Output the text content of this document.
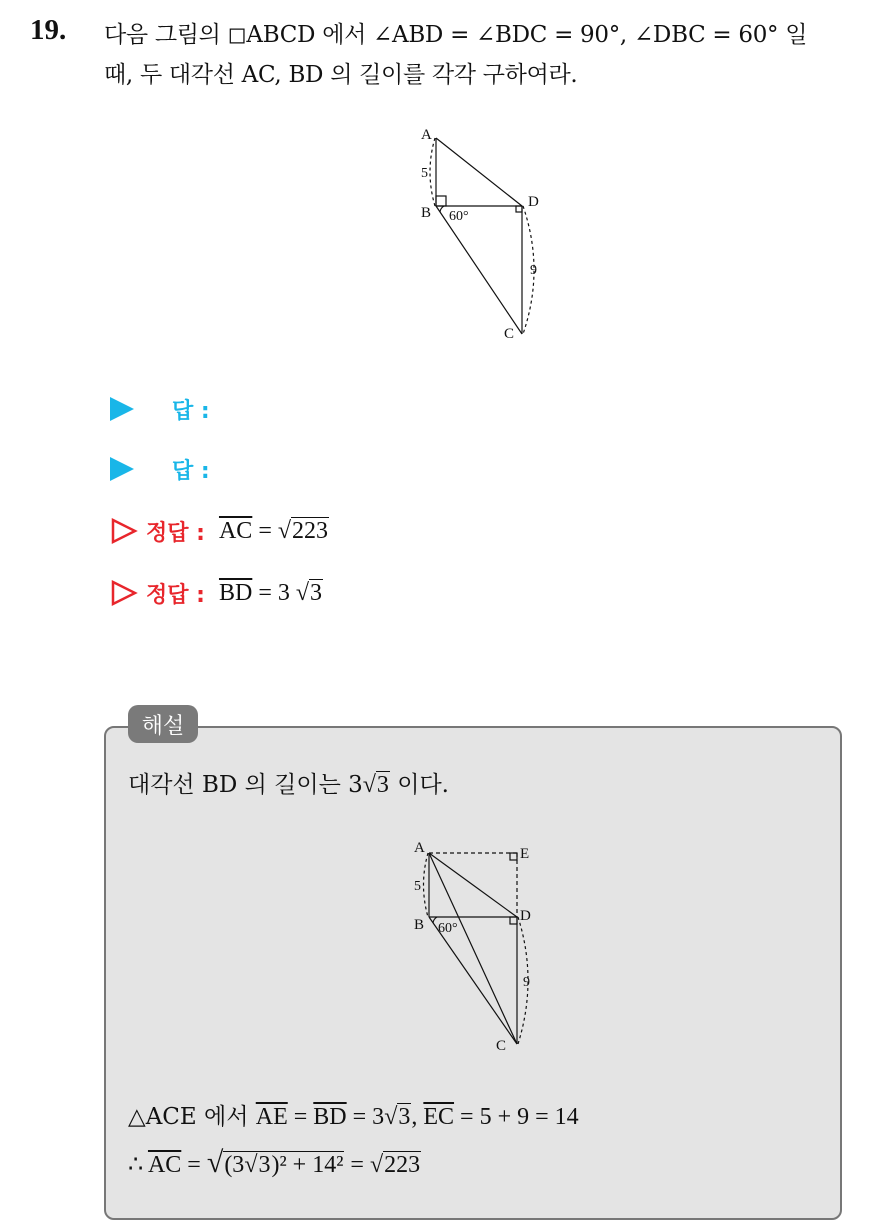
19. 다음 그림의 ◻ABCD 에서 ∠ABD = ∠BDC = 90°, ∠DBC = 60° 일
때, 두 대각선 AC, BD 의 길이를 각각 구하여라.
A
B
C
D
60°
5
9
답 :
답 :
정답 : $\overline{AC} = √223$
정답 : $\overline{BD} = 3$ √3
해설
대각선 BD 의 길이는 3√3 이다.
A	E
B
C
D
60°
5
9
△ACE 에서 $\overline{AE} = \overline{BD} = 3√3$, $\overline{EC} = 5 + 9 = 14$
∴ $\overline{AC} = √(3√3)^2 + 14^2 = √223$
